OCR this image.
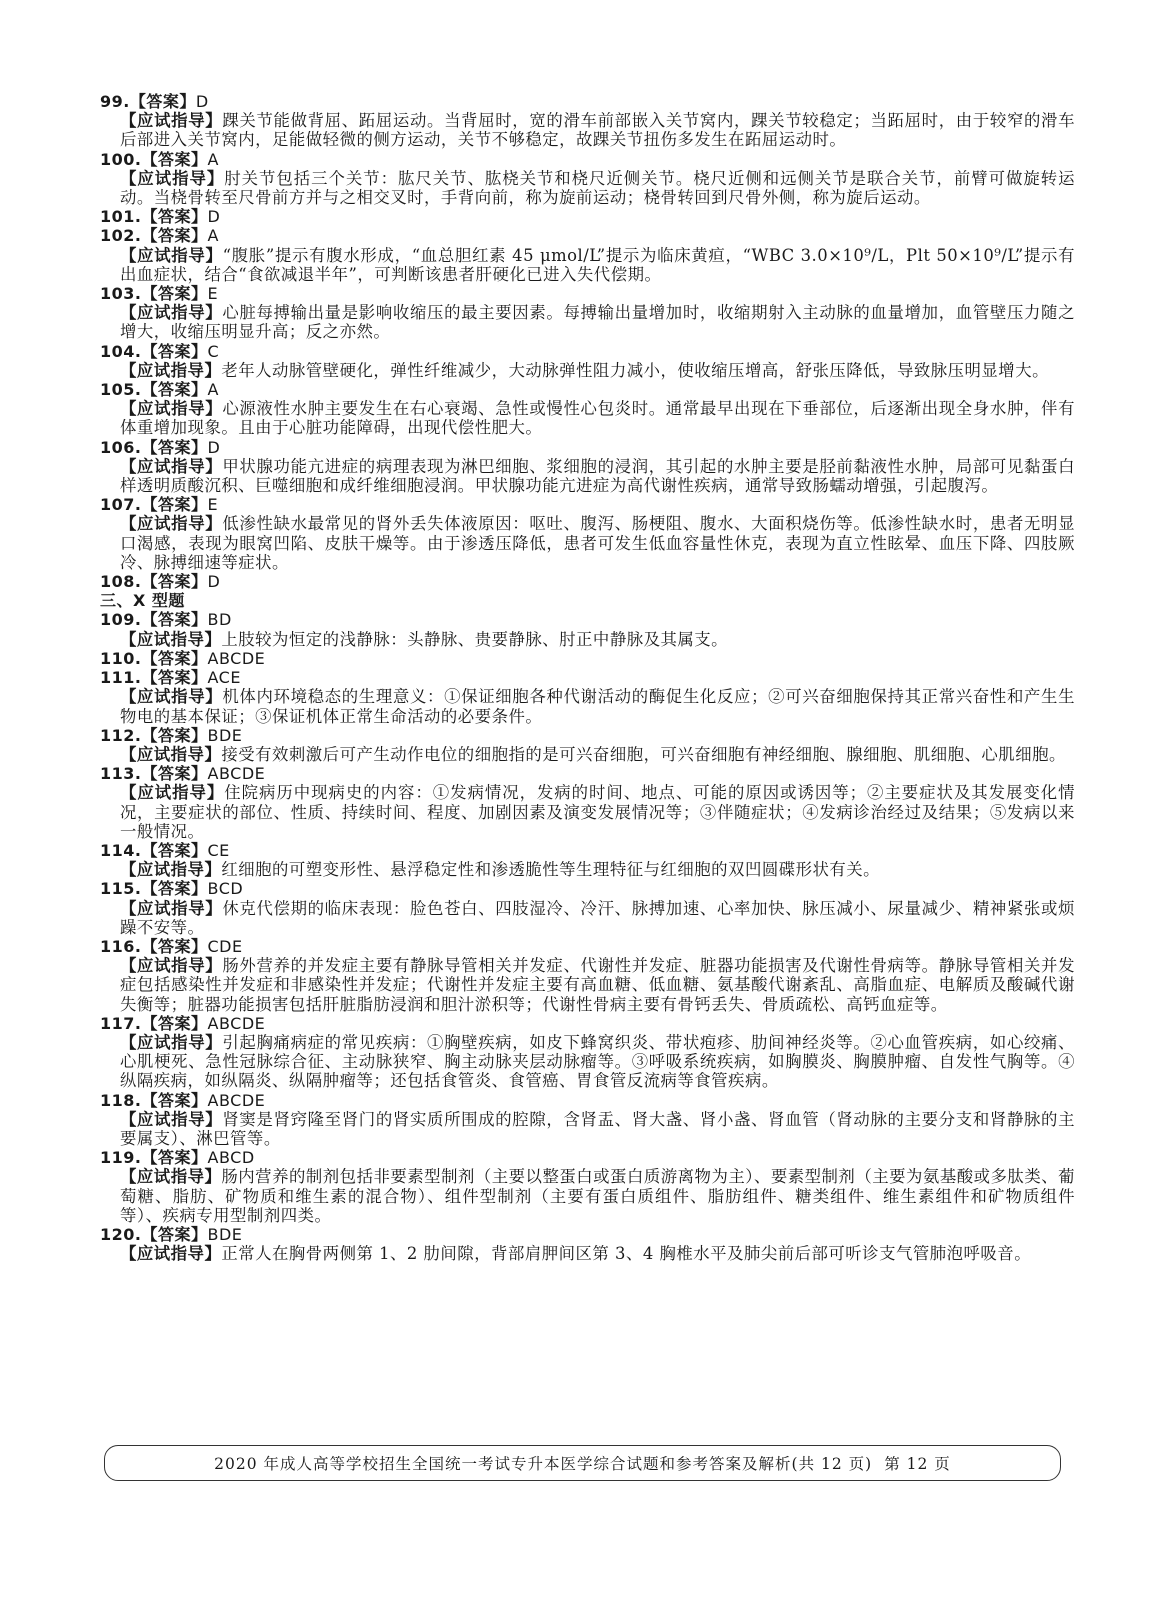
99.【答案】D
【应试指导】踝关节能做背屈、跖屈运动。当背屈时，宽的滑车前部嵌入关节窝内，踝关节较稳定；当跖屈时，由于较窄的滑车后部进入关节窝内，足能做轻微的侧方运动，关节不够稳定，故踝关节扭伤多发生在跖屈运动时。
100.【答案】A
【应试指导】肘关节包括三个关节：肱尺关节、肱桡关节和桡尺近侧关节。桡尺近侧和远侧关节是联合关节，前臂可做旋转运动。当桡骨转至尺骨前方并与之相交叉时，手背向前，称为旋前运动；桡骨转回到尺骨外侧，称为旋后运动。
101.【答案】D
102.【答案】A
【应试指导】“腹胀”提示有腹水形成，“血总胆红素 45 μmol/L”提示为临床黄疸，“WBC 3.0×10⁹/L，Plt 50×10⁹/L”提示有出血症状，结合“食欲减退半年”，可判断该患者肝硬化已进入失代偿期。
103.【答案】E
【应试指导】心脏每搏输出量是影响收缩压的最主要因素。每搏输出量增加时，收缩期射入主动脉的血量增加，血管壁压力随之增大，收缩压明显升高；反之亦然。
104.【答案】C
【应试指导】老年人动脉管壁硬化，弹性纤维减少，大动脉弹性阻力减小，使收缩压增高，舒张压降低，导致脉压明显增大。
105.【答案】A
【应试指导】心源液性水肿主要发生在右心衰竭、急性或慢性心包炎时。通常最早出现在下垂部位，后逐渐出现全身水肿，伴有体重增加现象。且由于心脏功能障碍，出现代偿性肥大。
106.【答案】D
【应试指导】甲状腺功能亢进症的病理表现为淋巴细胞、浆细胞的浸润，其引起的水肿主要是胫前黏液性水肿，局部可见黏蛋白样透明质酸沉积、巨噬细胞和成纤维细胞浸润。甲状腺功能亢进症为高代谢性疾病，通常导致肠蠕动增强，引起腹泻。
107.【答案】E
【应试指导】低渗性缺水最常见的肾外丢失体液原因：呕吐、腹泻、肠梗阻、腹水、大面积烧伤等。低渗性缺水时，患者无明显口渴感，表现为眼窝凹陷、皮肤干燥等。由于渗透压降低，患者可发生低血容量性休克，表现为直立性眩晕、血压下降、四肢厥冷、脉搏细速等症状。
108.【答案】D
三、X 型题
109.【答案】BD
【应试指导】上肢较为恒定的浅静脉：头静脉、贵要静脉、肘正中静脉及其属支。
110.【答案】ABCDE
111.【答案】ACE
【应试指导】机体内环境稳态的生理意义：①保证细胞各种代谢活动的酶促生化反应；②可兴奋细胞保持其正常兴奋性和产生生物电的基本保证；③保证机体正常生命活动的必要条件。
112.【答案】BDE
【应试指导】接受有效刺激后可产生动作电位的细胞指的是可兴奋细胞，可兴奋细胞有神经细胞、腺细胞、肌细胞、心肌细胞。
113.【答案】ABCDE
【应试指导】住院病历中现病史的内容：①发病情况，发病的时间、地点、可能的原因或诱因等；②主要症状及其发展变化情况，主要症状的部位、性质、持续时间、程度、加剧因素及演变发展情况等；③伴随症状；④发病诊治经过及结果；⑤发病以来一般情况。
114.【答案】CE
【应试指导】红细胞的可塑变形性、悬浮稳定性和渗透脆性等生理特征与红细胞的双凹圆碟形状有关。
115.【答案】BCD
【应试指导】休克代偿期的临床表现：脸色苍白、四肢湿冷、冷汗、脉搏加速、心率加快、脉压减小、尿量减少、精神紧张或烦躁不安等。
116.【答案】CDE
【应试指导】肠外营养的并发症主要有静脉导管相关并发症、代谢性并发症、脏器功能损害及代谢性骨病等。静脉导管相关并发症包括感染性并发症和非感染性并发症；代谢性并发症主要有高血糖、低血糖、氨基酸代谢紊乱、高脂血症、电解质及酸碱代谢失衡等；脏器功能损害包括肝脏脂肪浸润和胆汁淤积等；代谢性骨病主要有骨钙丢失、骨质疏松、高钙血症等。
117.【答案】ABCDE
【应试指导】引起胸痛病症的常见疾病：①胸壁疾病，如皮下蜂窝织炎、带状疱疹、肋间神经炎等。②心血管疾病，如心绞痛、心肌梗死、急性冠脉综合征、主动脉狭窄、胸主动脉夹层动脉瘤等。③呼吸系统疾病，如胸膜炎、胸膜肿瘤、自发性气胸等。④纵隔疾病，如纵隔炎、纵隔肿瘤等；还包括食管炎、食管癌、胃食管反流病等食管疾病。
118.【答案】ABCDE
【应试指导】肾窦是肾窍隆至肾门的肾实质所围成的腔隙，含肾盂、肾大盏、肾小盏、肾血管（肾动脉的主要分支和肾静脉的主要属支）、淋巴管等。
119.【答案】ABCD
【应试指导】肠内营养的制剂包括非要素型制剂（主要以整蛋白或蛋白质游离物为主）、要素型制剂（主要为氨基酸或多肽类、葡萄糖、脂肪、矿物质和维生素的混合物）、组件型制剂（主要有蛋白质组件、脂肪组件、糖类组件、维生素组件和矿物质组件等）、疾病专用型制剂四类。
120.【答案】BDE
【应试指导】正常人在胸骨两侧第 1、2 肋间隙，背部肩胛间区第 3、4 胸椎水平及肺尖前后部可听诊支气管肺泡呼吸音。
2020 年成人高等学校招生全国统一考试专升本医学综合试题和参考答案及解析(共 12 页) 第 12 页
